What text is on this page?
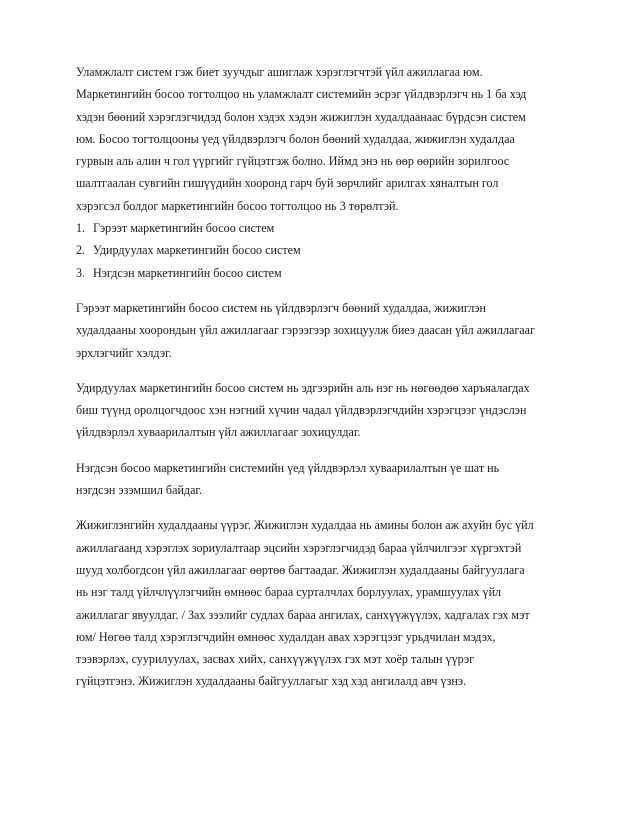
Уламжлалт систем гэж биет зуучдыг ашиглаж хэрэглэгчтэй үйл ажиллагаа юм.
Маркетингийн босоо тогтолцоо нь уламжлалт системийн эсрэг үйлдвэрлэгч нь 1 ба хэд
хэдэн бөөний хэрэглэгчидэд болон хэдэх хэдэн жижиглэн худалдаанаас бүрдсэн систем
юм. Босоо тогтолцооны үед үйлдвэрлэгч болон бөөний худалдаа, жижиглэн худалдаа
гурвын аль алин ч гол үүргийг гүйцэтгэж болно. Иймд энэ нь өөр өөрийн зорилгоос
шалтгаалан сувгийн гишүүдийн хооронд гарч буй зөрчлийг арилгах хяналтын гол
хэрэгсэл болдог маркетингийн босоо тогтолцоо нь 3 төрөлтэй.

1. Гэрээт маркетингийн босоо систем

2. Удирдуулах маркетингийн босоо систем

3. Нэгдсэн маркетингийн босоо систем

Гэрээт маркетингийн босоо систем нь үйлдвэрлэгч бөөний худалдаа, жижиглэн
худалдааны хоорондын үйл ажиллагааг гэрээгээр зохицуулж биеэ даасан үйл ажиллагааг
эрхлэгчийг хэлдэг.

Удирдуулах маркетингийн босоо систем нь эдгээрийн аль нэг нь нөгөөдөө харъяалагдах
биш түүнд оролцогчдоос хэн нэгний хүчин чадал үйлдвэрлэгчдийн хэрэгцээг үндэслэн
үйлдвэрлэл хуваарилалтын үйл ажиллагааг зохицулдаг.

Нэгдсэн босоо маркетингийн системийн үед үйлдвэрлэл хуваарилалтын үе шат нь
нэгдсэн эзэмшил байдаг.

Жижиглэнгийн худалдааны үүрэг. Жижиглэн худалдаа нь амины болон аж ахуйн бус үйл
ажиллагаанд хэрэглэх зориулалтаар эцсийн хэрэглэгчидэд бараа үйлчилгээг хүргэхтэй
шууд холбогдсон үйл ажиллагааг өөртөө багтаадаг. Жижиглэн худалдааны байгууллага
нь нэг талд үйлчлүүлэгчийн өмнөөс бараа сурталчлах борлуулах, урамшуулах үйл
ажиллагаг явуулдаг. / Зах зээлийг судлах бараа ангилах, санхүүжүүлэх, хадгалах гэх мэт
юм/ Нөгөө талд хэрэглэгчдийн өмнөөс худалдан авах хэрэгцээг урьдчилан мэдэх,
тээвэрлэх, суурилуулах, засвах хийх, санхүүжүүлэх гэх мэт хоёр талын үүрэг
гүйцэтгэнэ. Жижиглэн худалдааны байгууллагыг хэд хэд ангилалд авч үзнэ.
